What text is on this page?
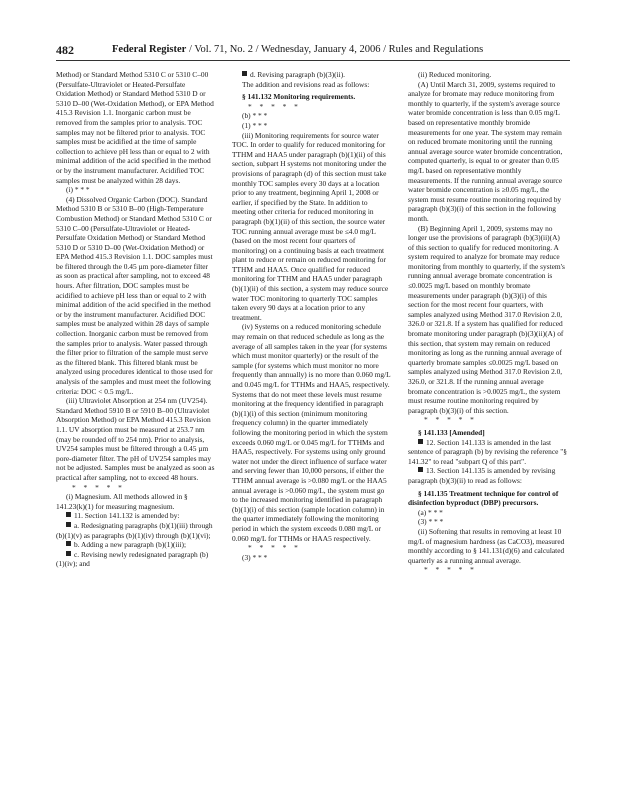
482	Federal Register / Vol. 71, No. 2 / Wednesday, January 4, 2006 / Rules and Regulations

Method) or Standard Method 5310 C or 5310 C–00 (Persulfate-Ultraviolet or Heated-Persulfate Oxidation Method) or Standard Method 5310 D or 5310 D–00 (Wet-Oxidation Method), or EPA Method 415.3 Revision 1.1. Inorganic carbon must be removed from the samples prior to analysis. TOC samples may not be filtered prior to analysis. TOC samples must be acidified at the time of sample collection to achieve pH less than or equal to 2 with minimal addition of the acid specified in the method or by the instrument manufacturer. Acidified TOC samples must be analyzed within 28 days.

(i) * * *

(4) Dissolved Organic Carbon (DOC). Standard Method 5310 B or 5310 B–00 (High-Temperature Combustion Method) or Standard Method 5310 C or 5310 C–00 (Persulfate-Ultraviolet or Heated-Persulfate Oxidation Method) or Standard Method 5310 D or 5310 D–00 (Wet-Oxidation Method) or EPA Method 415.3 Revision 1.1. DOC samples must be filtered through the 0.45 µm pore-diameter filter as soon as practical after sampling, not to exceed 48 hours. After filtration, DOC samples must be acidified to achieve pH less than or equal to 2 with minimal addition of the acid specified in the method or by the instrument manufacturer. Acidified DOC samples must be analyzed within 28 days of sample collection. Inorganic carbon must be removed from the samples prior to analysis. Water passed through the filter prior to filtration of the sample must serve as the filtered blank. This filtered blank must be analyzed using procedures identical to those used for analysis of the samples and must meet the following criteria: DOC < 0.5 mg/L.

(iii) Ultraviolet Absorption at 254 nm (UV254). Standard Method 5910 B or 5910 B–00 (Ultraviolet Absorption Method) or EPA Method 415.3 Revision 1.1. UV absorption must be measured at 253.7 nm (may be rounded off to 254 nm). Prior to analysis, UV254 samples must be filtered through a 0.45 µm pore-diameter filter. The pH of UV254 samples may not be adjusted. Samples must be analyzed as soon as practical after sampling, not to exceed 48 hours.

* * * * *

(i) Magnesium. All methods allowed in § 141.23(k)(1) for measuring magnesium.

11. Section 141.132 is amended by:

a. Redesignating paragraphs (b)(1)(iii) through (b)(1)(v) as paragraphs (b)(1)(iv) through (b)(1)(vi);

b. Adding a new paragraph (b)(1)(iii);

c. Revising newly redesignated paragraph (b)(1)(iv); and

d. Revising paragraph (b)(3)(ii).

The addition and revisions read as follows:

§ 141.132 Monitoring requirements.

* * * * *

(b) * * *

(1) * * *

(iii) Monitoring requirements for source water TOC. In order to qualify for reduced monitoring for TTHM and HAA5 under paragraph (b)(1)(ii) of this section, subpart H systems not monitoring under the provisions of paragraph (d) of this section must take monthly TOC samples every 30 days at a location prior to any treatment, beginning April 1, 2008 or earlier, if specified by the State. In addition to meeting other criteria for reduced monitoring in paragraph (b)(1)(ii) of this section, the source water TOC running annual average must be ≤4.0 mg/L (based on the most recent four quarters of monitoring) on a continuing basis at each treatment plant to reduce or remain on reduced monitoring for TTHM and HAA5. Once qualified for reduced monitoring for TTHM and HAA5 under paragraph (b)(1)(ii) of this section, a system may reduce source water TOC monitoring to quarterly TOC samples taken every 90 days at a location prior to any treatment.

(iv) Systems on a reduced monitoring schedule may remain on that reduced schedule as long as the average of all samples taken in the year (for systems which must monitor quarterly) or the result of the sample (for systems which must monitor no more frequently than annually) is no more than 0.060 mg/L and 0.045 mg/L for TTHMs and HAA5, respectively. Systems that do not meet these levels must resume monitoring at the frequency identified in paragraph (b)(1)(i) of this section (minimum monitoring frequency column) in the quarter immediately following the monitoring period in which the system exceeds 0.060 mg/L or 0.045 mg/L for TTHMs and HAA5, respectively. For systems using only ground water not under the direct influence of surface water and serving fewer than 10,000 persons, if either the TTHM annual average is >0.080 mg/L or the HAA5 annual average is >0.060 mg/L, the system must go to the increased monitoring identified in paragraph (b)(1)(i) of this section (sample location column) in the quarter immediately following the monitoring period in which the system exceeds 0.080 mg/L or 0.060 mg/L for TTHMs or HAA5 respectively.

* * * * *

(3) * * *

(ii) Reduced monitoring.

(A) Until March 31, 2009, systems required to analyze for bromate may reduce monitoring from monthly to quarterly, if the system's average source water bromide concentration is less than 0.05 mg/L based on representative monthly bromide measurements for one year. The system may remain on reduced bromate monitoring until the running annual average source water bromide concentration, computed quarterly, is equal to or greater than 0.05 mg/L based on representative monthly measurements. If the running annual average source water bromide concentration is ≥0.05 mg/L, the system must resume routine monitoring required by paragraph (b)(3)(i) of this section in the following month.

(B) Beginning April 1, 2009, systems may no longer use the provisions of paragraph (b)(3)(ii)(A) of this section to qualify for reduced monitoring. A system required to analyze for bromate may reduce monitoring from monthly to quarterly, if the system's running annual average bromate concentration is ≤0.0025 mg/L based on monthly bromate measurements under paragraph (b)(3)(i) of this section for the most recent four quarters, with samples analyzed using Method 317.0 Revision 2.0, 326.0 or 321.8. If a system has qualified for reduced bromate monitoring under paragraph (b)(3)(ii)(A) of this section, that system may remain on reduced monitoring as long as the running annual average of quarterly bromate samples ≤0.0025 mg/L based on samples analyzed using Method 317.0 Revision 2.0, 326.0, or 321.8. If the running annual average bromate concentration is >0.0025 mg/L, the system must resume routine monitoring required by paragraph (b)(3)(i) of this section.

* * * * *

§ 141.133 [Amended]

12. Section 141.133 is amended in the last sentence of paragraph (b) by revising the reference "§ 141.32" to read "subpart Q of this part".

13. Section 141.135 is amended by revising paragraph (b)(3)(ii) to read as follows:

§ 141.135 Treatment technique for control of disinfection byproduct (DBP) precursors.

(a) * * *

(3) * * *

(ii) Softening that results in removing at least 10 mg/L of magnesium hardness (as CaCO3), measured monthly according to § 141.131(d)(6) and calculated quarterly as a running annual average.

* * * * *
